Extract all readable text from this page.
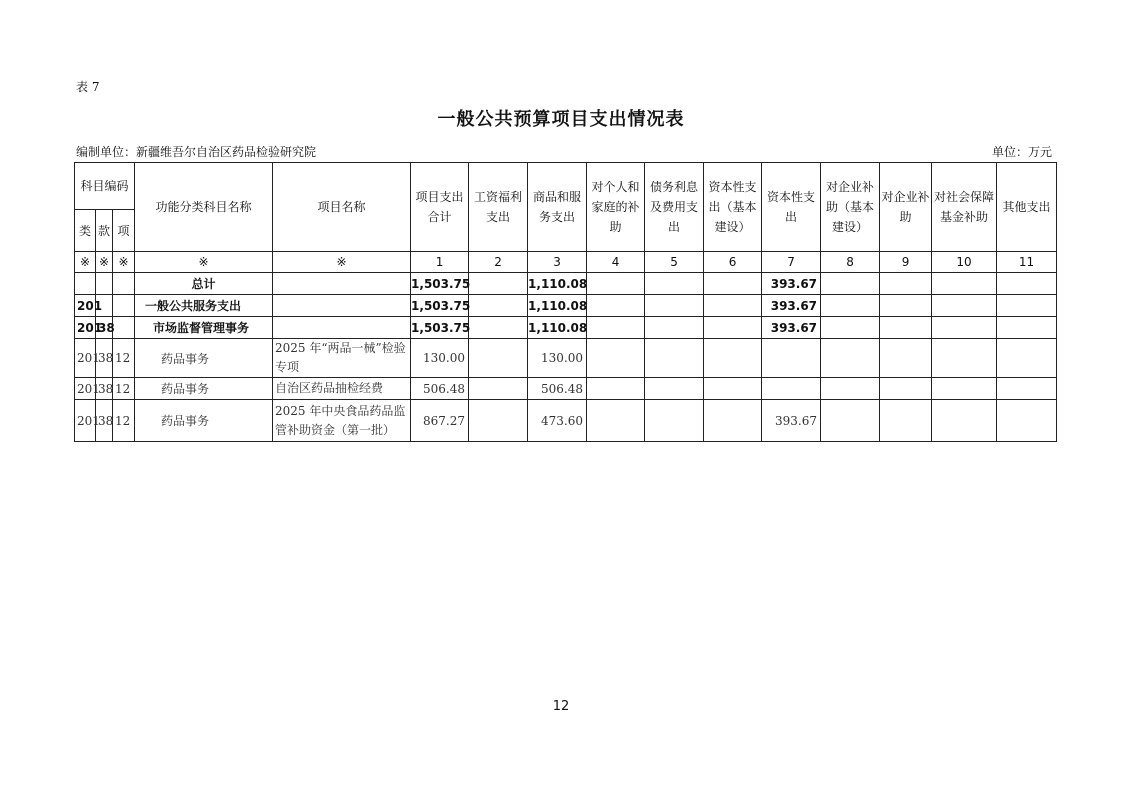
表 7
一般公共预算项目支出情况表
编制单位：新疆维吾尔自治区药品检验研究院	单位：万元
科目编码			功能分类科目名称	项目名称	项目支出合计	工资福利支出	商品和服务支出	对个人和家庭的补助	债务利息及费用支出	资本性支出（基本建设）	资本性支出	对企业补助（基本建设）	对企业补助	对社会保障基金补助	其他支出
类	款	项													
※	※	※	※	※	1	2	3	4	5	6	7	8	9	10	11
			总计		1,503.75		1,110.08				393.67				
201			一般公共服务支出		1,503.75		1,110.08				393.67				
201	38		市场监督管理事务		1,503.75		1,110.08				393.67				
201	38	12	药品事务	2025 年“两品一械”检验专项	130.00		130.00								
201	38	12	药品事务	自治区药品抽检经费	506.48		506.48								
201	38	12	药品事务	2025 年中央食品药品监管补助资金（第一批）	867.27		473.60				393.67				
12
